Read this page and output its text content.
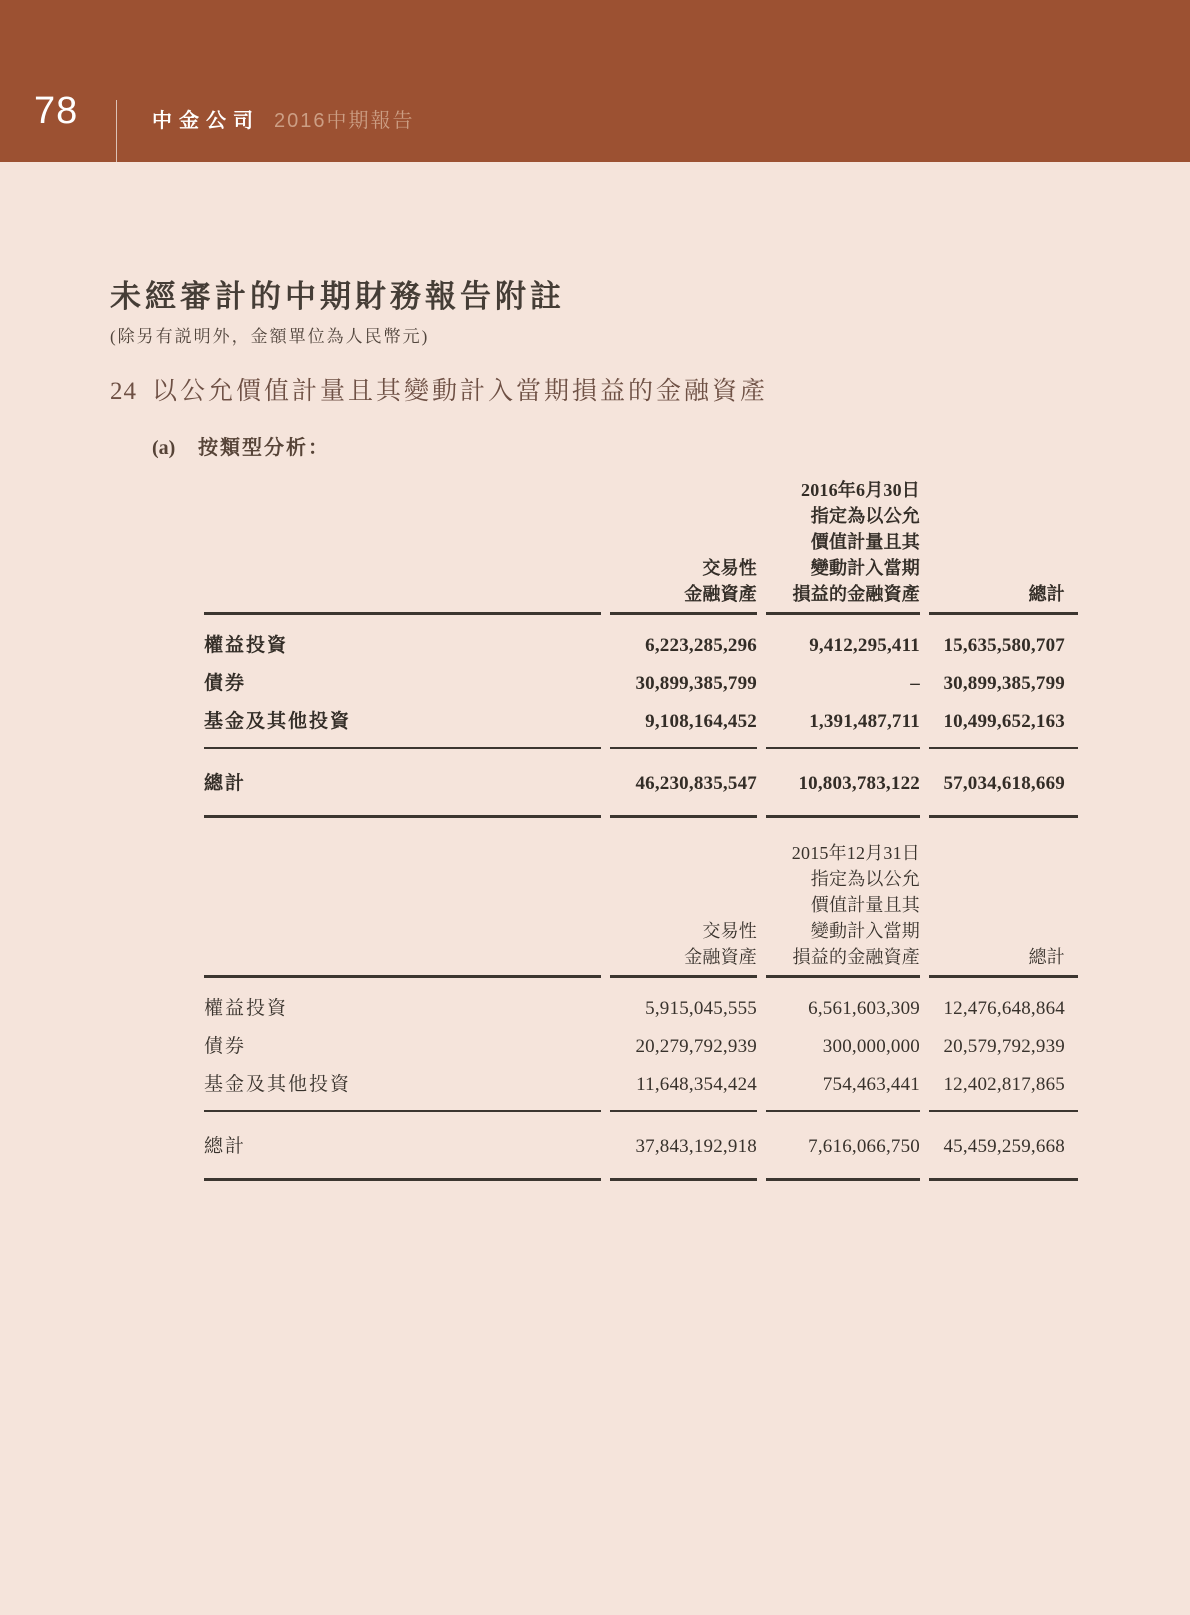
78	中金公司 2016中期報告
未經審計的中期財務報告附註

(除另有説明外，金額單位為人民幣元)

24 以公允價值計量且其變動計入當期損益的金融資產
(a)	按類型分析：
		2016年6月30日	
		指定為以公允	
		價值計量且其	
	交易性	變動計入當期	
	金融資產	損益的金融資產	總計
權益投資	6,223,285,296	9,412,295,411	15,635,580,707
債券	30,899,385,799	–	30,899,385,799
基金及其他投資	9,108,164,452	1,391,487,711	10,499,652,163
總計	46,230,835,547	10,803,783,122	57,034,618,669
		2015年12月31日	
		指定為以公允	
		價值計量且其	
	交易性	變動計入當期	
	金融資產	損益的金融資產	總計
權益投資	5,915,045,555	6,561,603,309	12,476,648,864
債券	20,279,792,939	300,000,000	20,579,792,939
基金及其他投資	11,648,354,424	754,463,441	12,402,817,865
總計	37,843,192,918	7,616,066,750	45,459,259,668
